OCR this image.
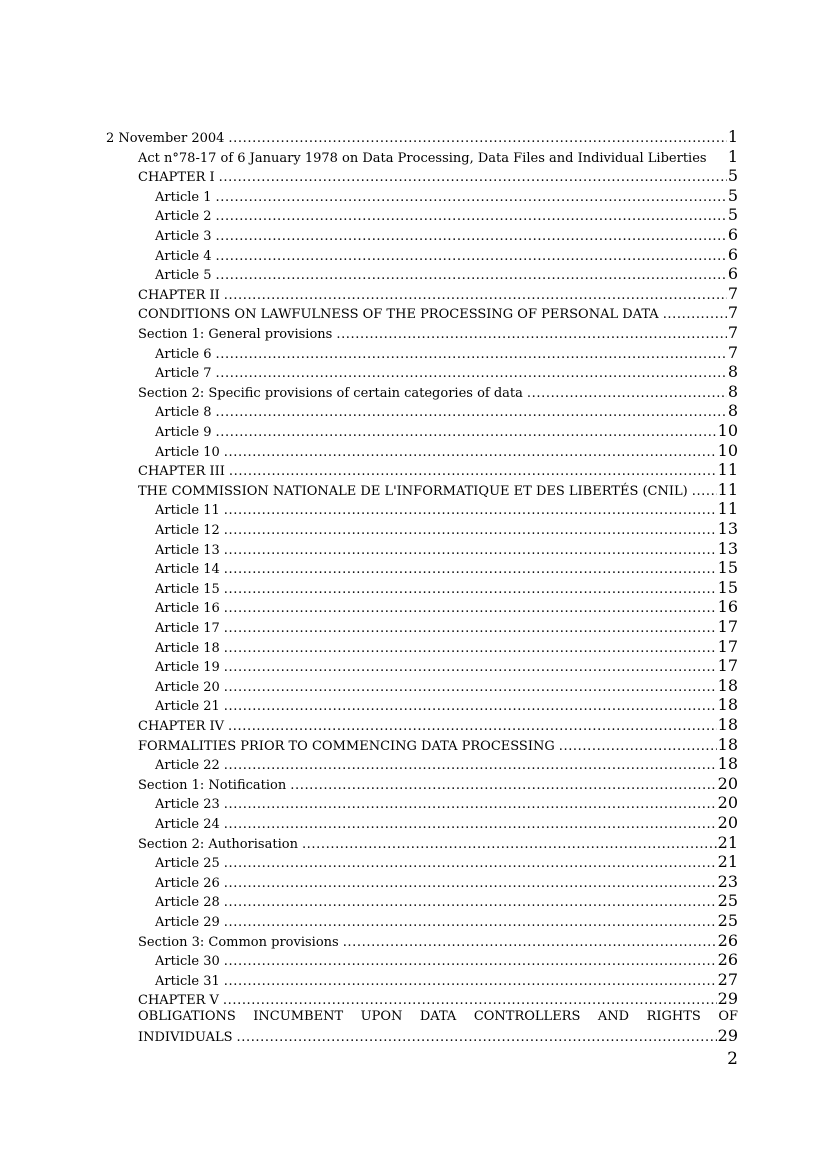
2 November 2004 .....	1
Act n°78-17 of 6 January 1978 on Data Processing, Data Files and Individual Liberties 1
CHAPTER I .....	5
Article 1 .....	5
Article 2 .....	5
Article 3 .....	6
Article 4 .....	6
Article 5 .....	6
CHAPTER II .....	7
CONDITIONS ON LAWFULNESS OF THE PROCESSING OF PERSONAL DATA .....	7
Section 1: General provisions .....	7
Article 6 .....	7
Article 7 .....	8
Section 2: Specific provisions of certain categories of data .....	8
Article 8 .....	8
Article 9 .....	10
Article 10 .....	10
CHAPTER III .....	11
THE COMMISSION NATIONALE DE L'INFORMATIQUE ET DES LIBERTÉS (CNIL) ..... 11
Article 11 .....	11
Article 12 .....	13
Article 13 .....	13
Article 14 .....	15
Article 15 .....	15
Article 16 .....	16
Article 17 .....	17
Article 18 .....	17
Article 19 .....	17
Article 20 .....	18
Article 21 .....	18
CHAPTER IV .....	18
FORMALITIES PRIOR TO COMMENCING DATA PROCESSING .....	18
Article 22 .....	18
Section 1: Notification .....	20
Article 23 .....	20
Article 24 .....	20
Section 2: Authorisation .....	21
Article 25 .....	21
Article 26 .....	23
Article 28 .....	25
Article 29 .....	25
Section 3: Common provisions .....	26
Article 30 .....	26
Article 31 .....	27
CHAPTER V .....	29
OBLIGATIONS INCUMBENT UPON DATA CONTROLLERS AND RIGHTS OF
INDIVIDUALS .....	29
2
